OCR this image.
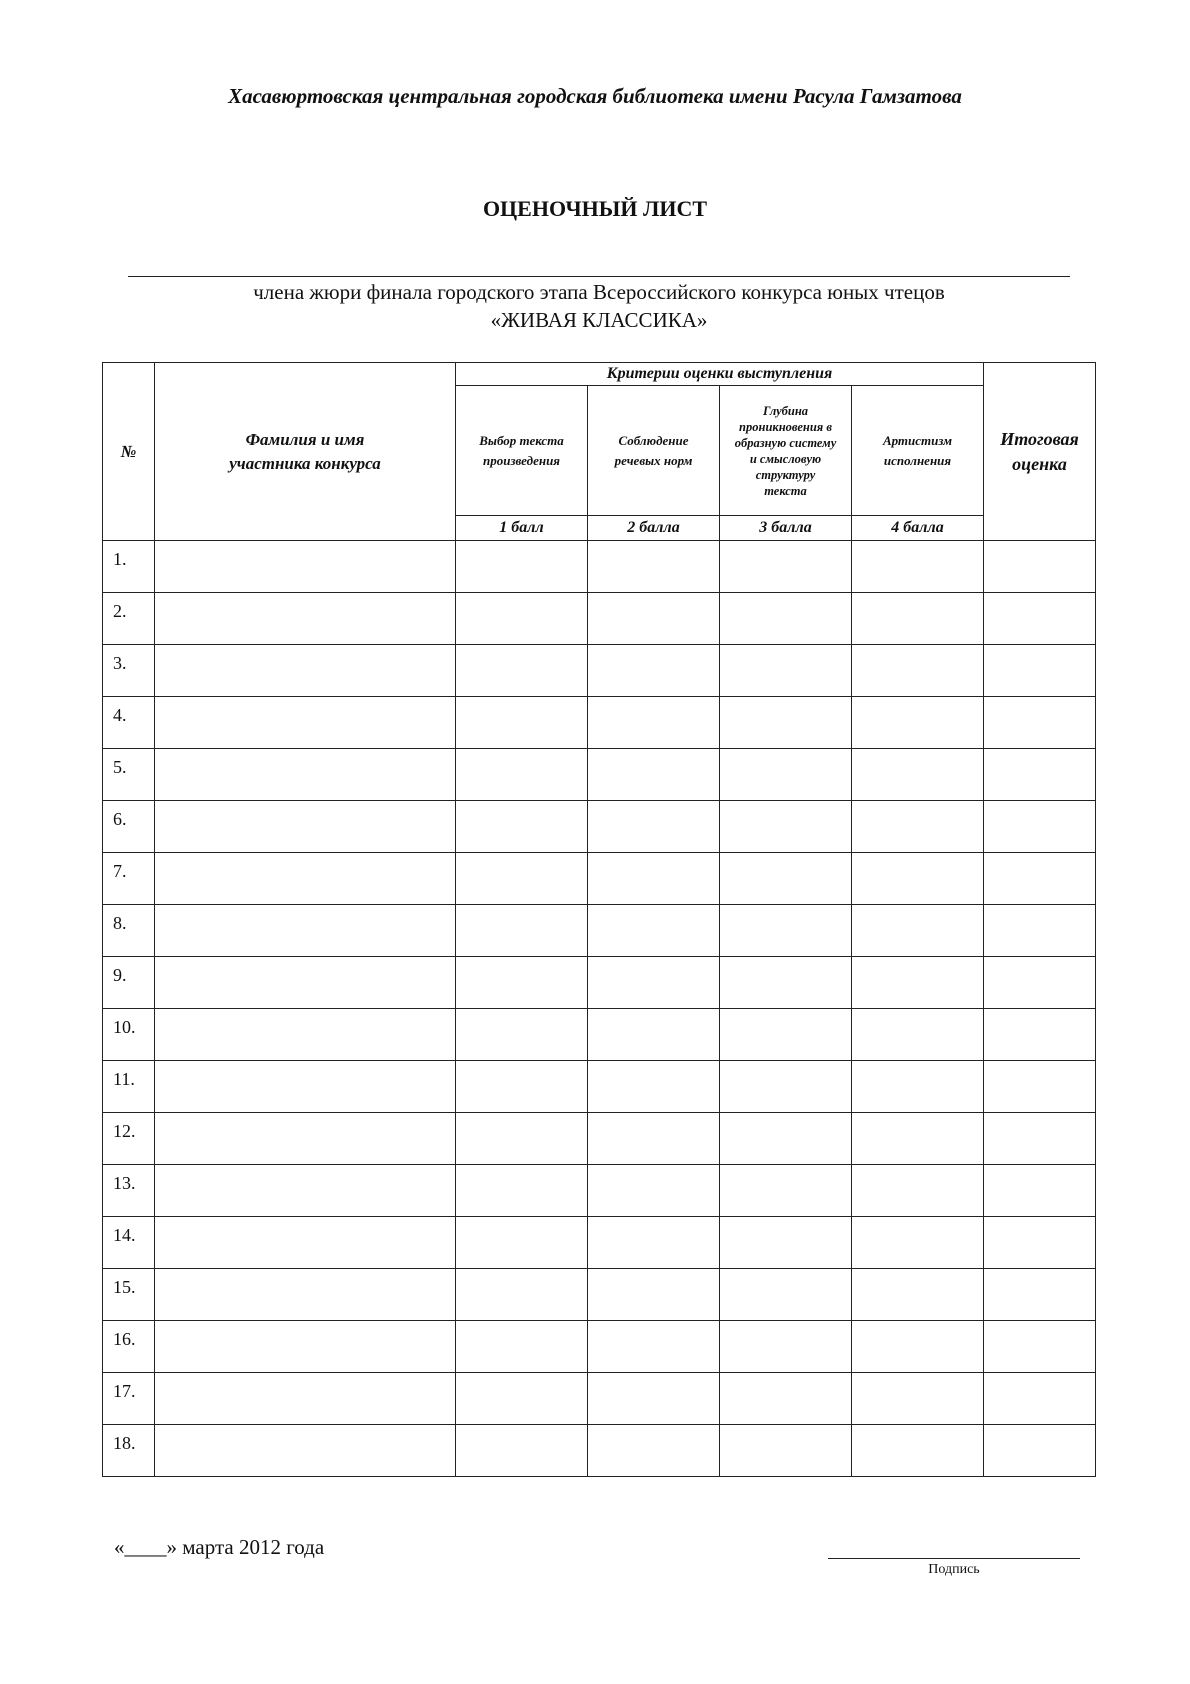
Хасавюртовская центральная городская библиотека имени Расула Гамзатова
ОЦЕНОЧНЫЙ ЛИСТ
члена жюри финала городского этапа Всероссийского конкурса юных чтецов
«ЖИВАЯ КЛАССИКА»
№	Фамилия и имя участника конкурса	Критерии оценки выступления				Итоговая оценка

		Выбор текста произведения	Соблюдение речевых норм	Глубина проникновения в образную систему и смысловую структуру текста	Артистизм исполнения	

		1 балл	2 балла	3 балла	4 балла	
1.						
2.						
3.						
4.						
5.						
6.						
7.						
8.						
9.						
10.						
11.						
12.						
13.						
14.						
15.						
16.						
17.						
18.						
«____» марта 2012 года
Подпись
